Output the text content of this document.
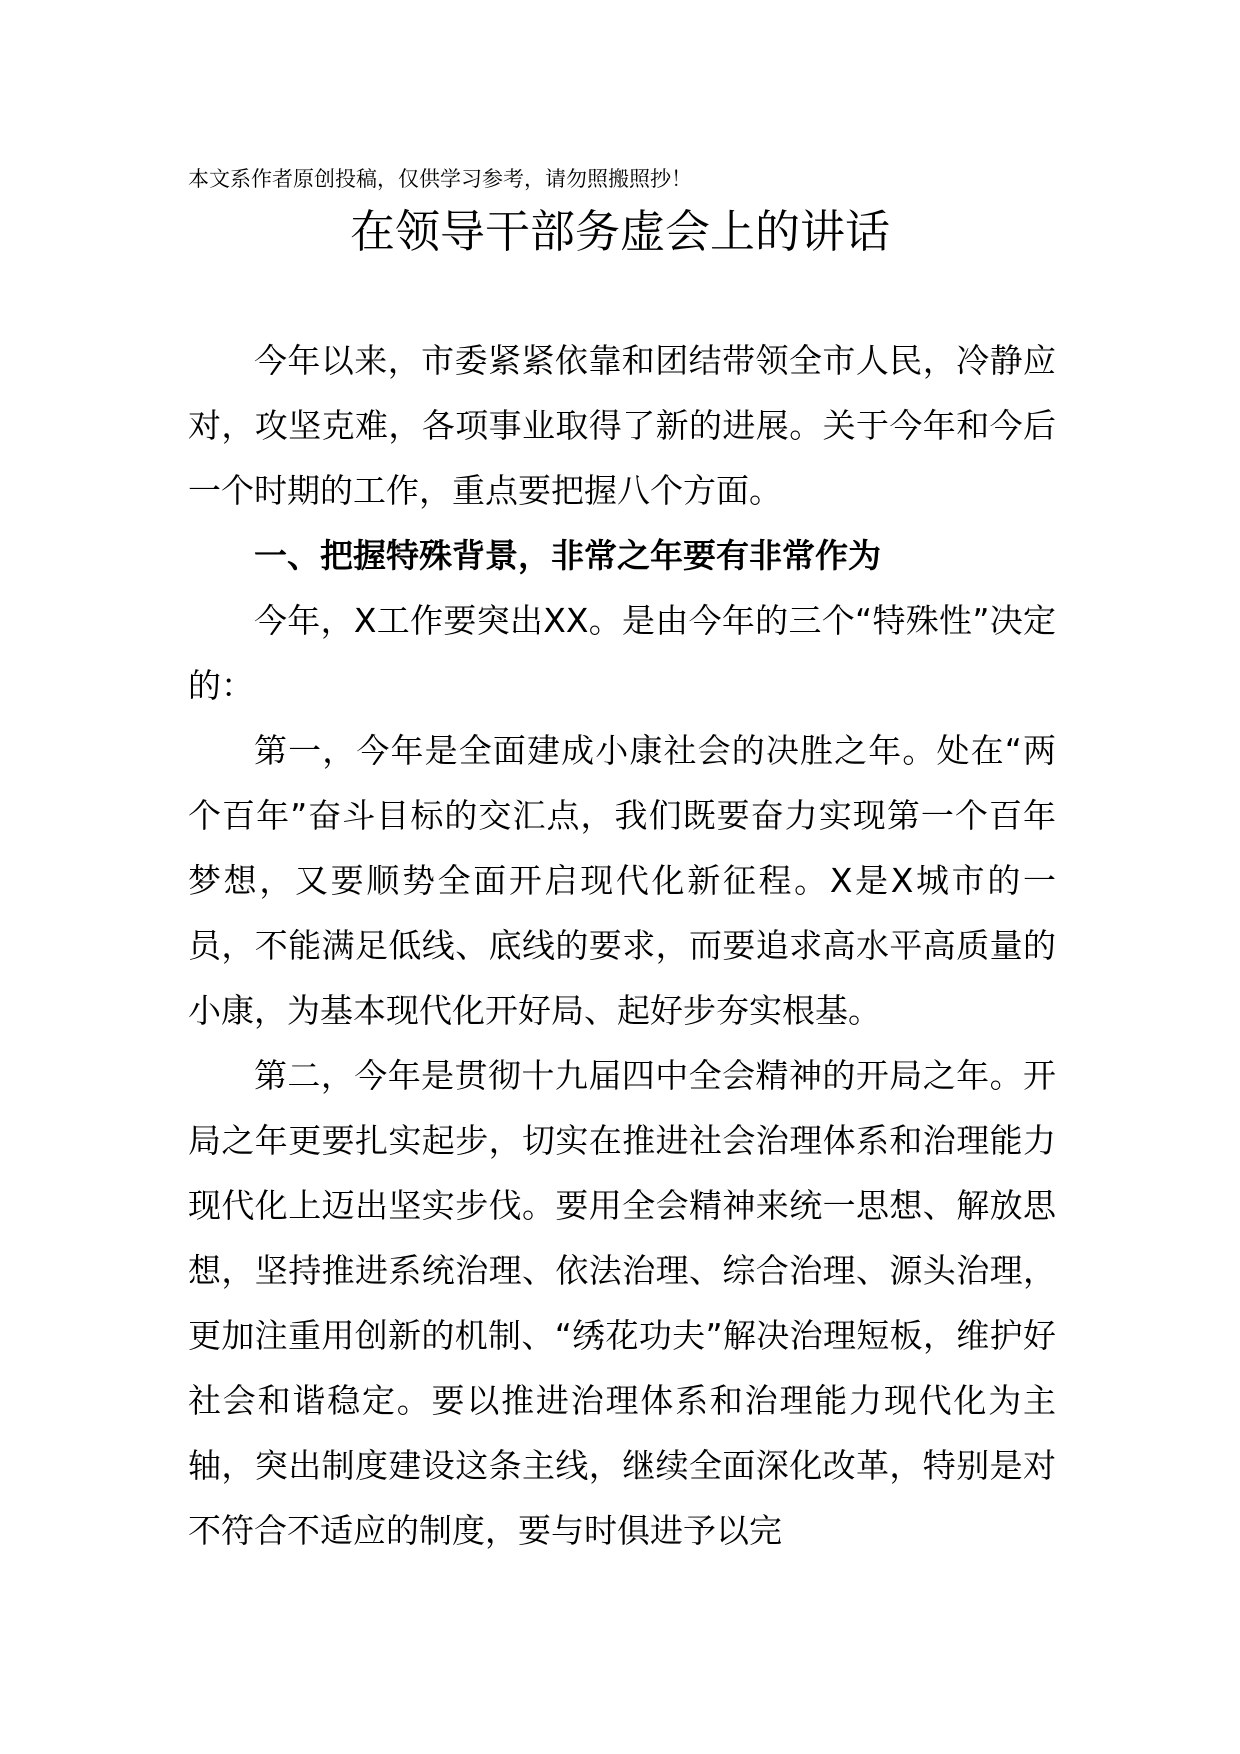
本文系作者原创投稿，仅供学习参考，请勿照搬照抄！
在领导干部务虚会上的讲话

今年以来，市委紧紧依靠和团结带领全市人民，冷静应对，攻坚克难，各项事业取得了新的进展。关于今年和今后一个时期的工作，重点要把握八个方面。

一、把握特殊背景，非常之年要有非常作为

今年，X工作要突出XX。是由今年的三个“特殊性”决定的：

第一，今年是全面建成小康社会的决胜之年。处在“两个百年”奋斗目标的交汇点，我们既要奋力实现第一个百年梦想，又要顺势全面开启现代化新征程。X是X城市的一员，不能满足低线、底线的要求，而要追求高水平高质量的小康，为基本现代化开好局、起好步夯实根基。

第二，今年是贯彻十九届四中全会精神的开局之年。开局之年更要扎实起步，切实在推进社会治理体系和治理能力现代化上迈出坚实步伐。要用全会精神来统一思想、解放思想，坚持推进系统治理、依法治理、综合治理、源头治理，更加注重用创新的机制、“绣花功夫”解决治理短板，维护好社会和谐稳定。要以推进治理体系和治理能力现代化为主轴，突出制度建设这条主线，继续全面深化改革，特别是对不符合不适应的制度，要与时俱进予以完
